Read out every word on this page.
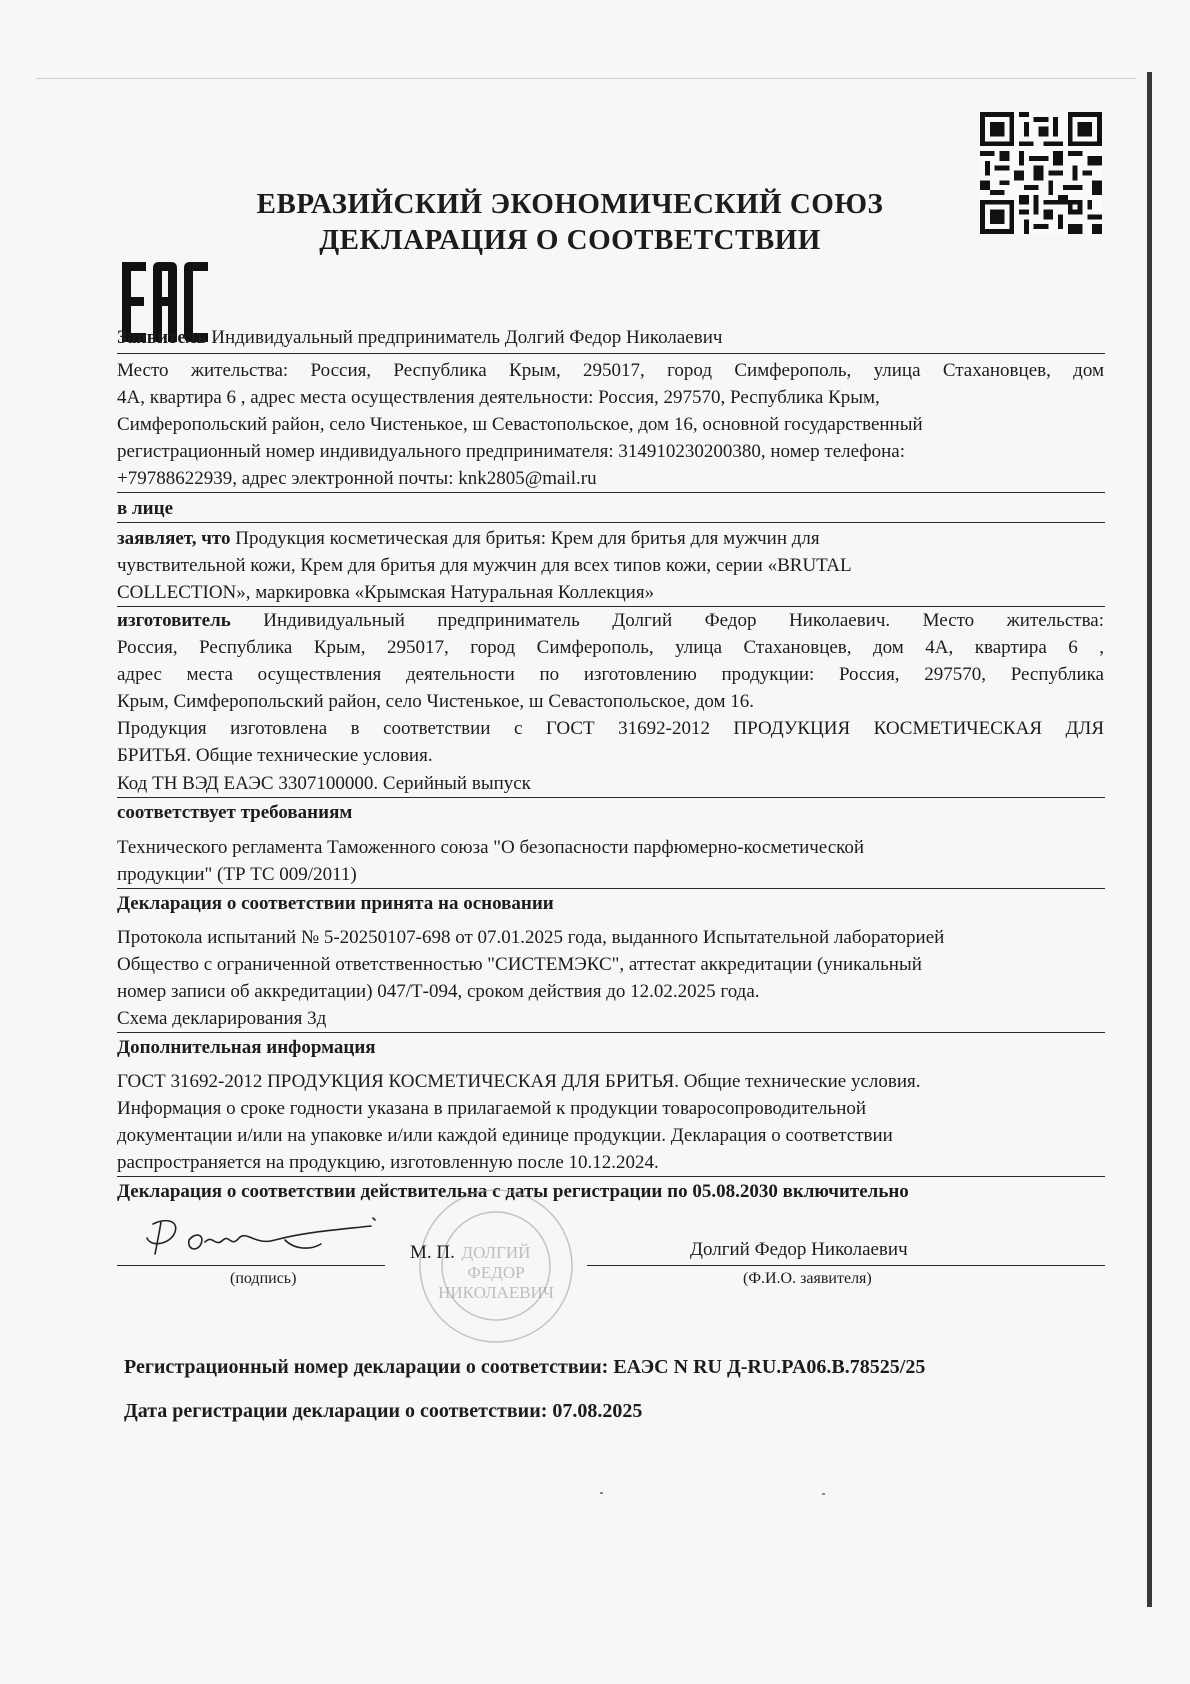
ЕВРАЗИЙСКИЙ ЭКОНОМИЧЕСКИЙ СОЮЗ
ДЕКЛАРАЦИЯ О СООТВЕТСТВИИ
Заявитель Индивидуальный предприниматель Долгий Федор Николаевич
Место жительства: Россия, Республика Крым, 295017, город Симферополь, улица Стахановцев, дом
4А, квартира 6 , адрес места осуществления деятельности: Россия, 297570, Республика Крым,
Симферопольский район, село Чистенькое, ш Севастопольское, дом 16, основной государственный
регистрационный номер индивидуального предпринимателя: 314910230200380, номер телефона:
+79788622939, адрес электронной почты: knk2805@mail.ru
в лице
заявляет, что Продукция косметическая для бритья: Крем для бритья для мужчин для
чувствительной кожи, Крем для бритья для мужчин для всех типов кожи, серии «BRUTAL
COLLECTION», маркировка «Крымская Натуральная Коллекция»
изготовитель Индивидуальный предприниматель Долгий Федор Николаевич. Место жительства:
Россия, Республика Крым, 295017, город Симферополь, улица Стахановцев, дом 4А, квартира 6 ,
адрес места осуществления деятельности по изготовлению продукции: Россия, 297570, Республика
Крым, Симферопольский район, село Чистенькое, ш Севастопольское, дом 16.
Продукция изготовлена в соответствии с ГОСТ 31692-2012 ПРОДУКЦИЯ КОСМЕТИЧЕСКАЯ ДЛЯ
БРИТЬЯ. Общие технические условия.
Код ТН ВЭД ЕАЭС 3307100000. Серийный выпуск
соответствует требованиям
Технического регламента Таможенного союза "О безопасности парфюмерно-косметической
продукции" (ТР ТС 009/2011)
Декларация о соответствии принята на основании
Протокола испытаний № 5-20250107-698 от 07.01.2025 года, выданного Испытательной лабораторией
Общество с ограниченной ответственностью "СИСТЕМЭКС", аттестат аккредитации (уникальный
номер записи об аккредитации) 047/Т-094, сроком действия до 12.02.2025 года.
Схема декларирования 3д
Дополнительная информация
ГОСТ 31692-2012 ПРОДУКЦИЯ КОСМЕТИЧЕСКАЯ ДЛЯ БРИТЬЯ. Общие технические условия.
Информация о сроке годности указана в прилагаемой к продукции товаросопроводительной
документации и/или на упаковке и/или каждой единице продукции. Декларация о соответствии
распространяется на продукцию, изготовленную после 10.12.2024.
Декларация о соответствии действительна с даты регистрации по 05.08.2030 включительно
ДОЛГИЙ
ФЕДОР
НИКОЛАЕВИЧ
(подпись)
М. П.	Долгий Федор Николаевич
(Ф.И.О. заявителя)
Регистрационный номер декларации о соответствии: ЕАЭС N RU Д-RU.PA06.B.78525/25
Дата регистрации декларации о соответствии: 07.08.2025
